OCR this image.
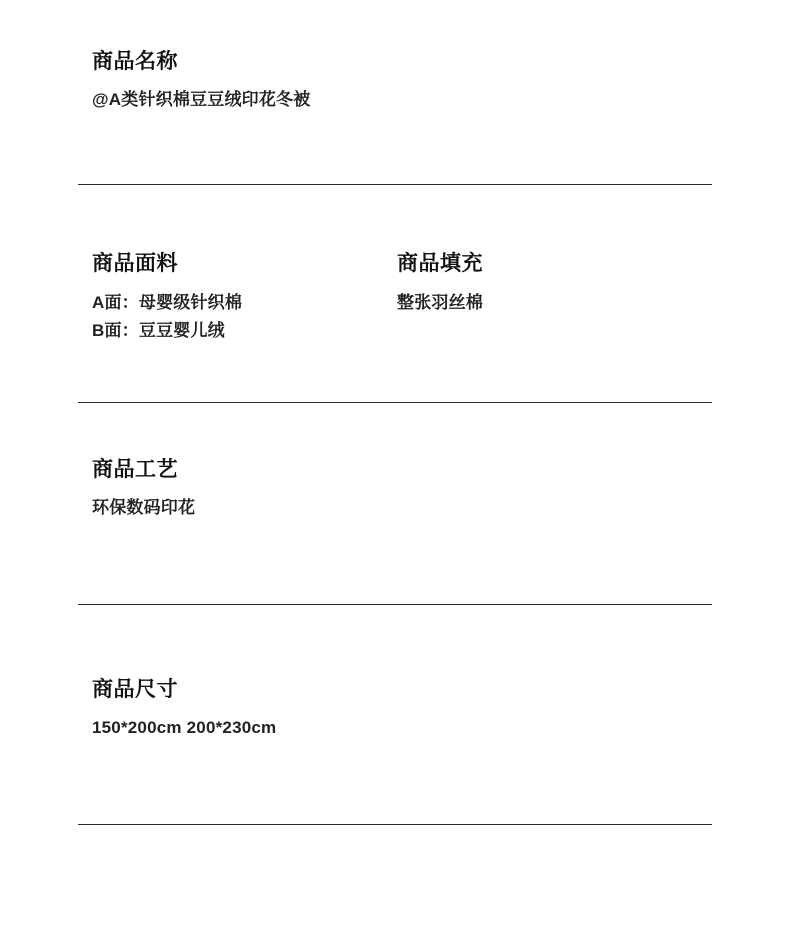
商品名称
@A类针织棉豆豆绒印花冬被
商品面料
A面：母婴级针织棉
B面：豆豆婴儿绒
商品填充
整张羽丝棉
商品工艺
环保数码印花
商品尺寸
150*200cm 200*230cm
